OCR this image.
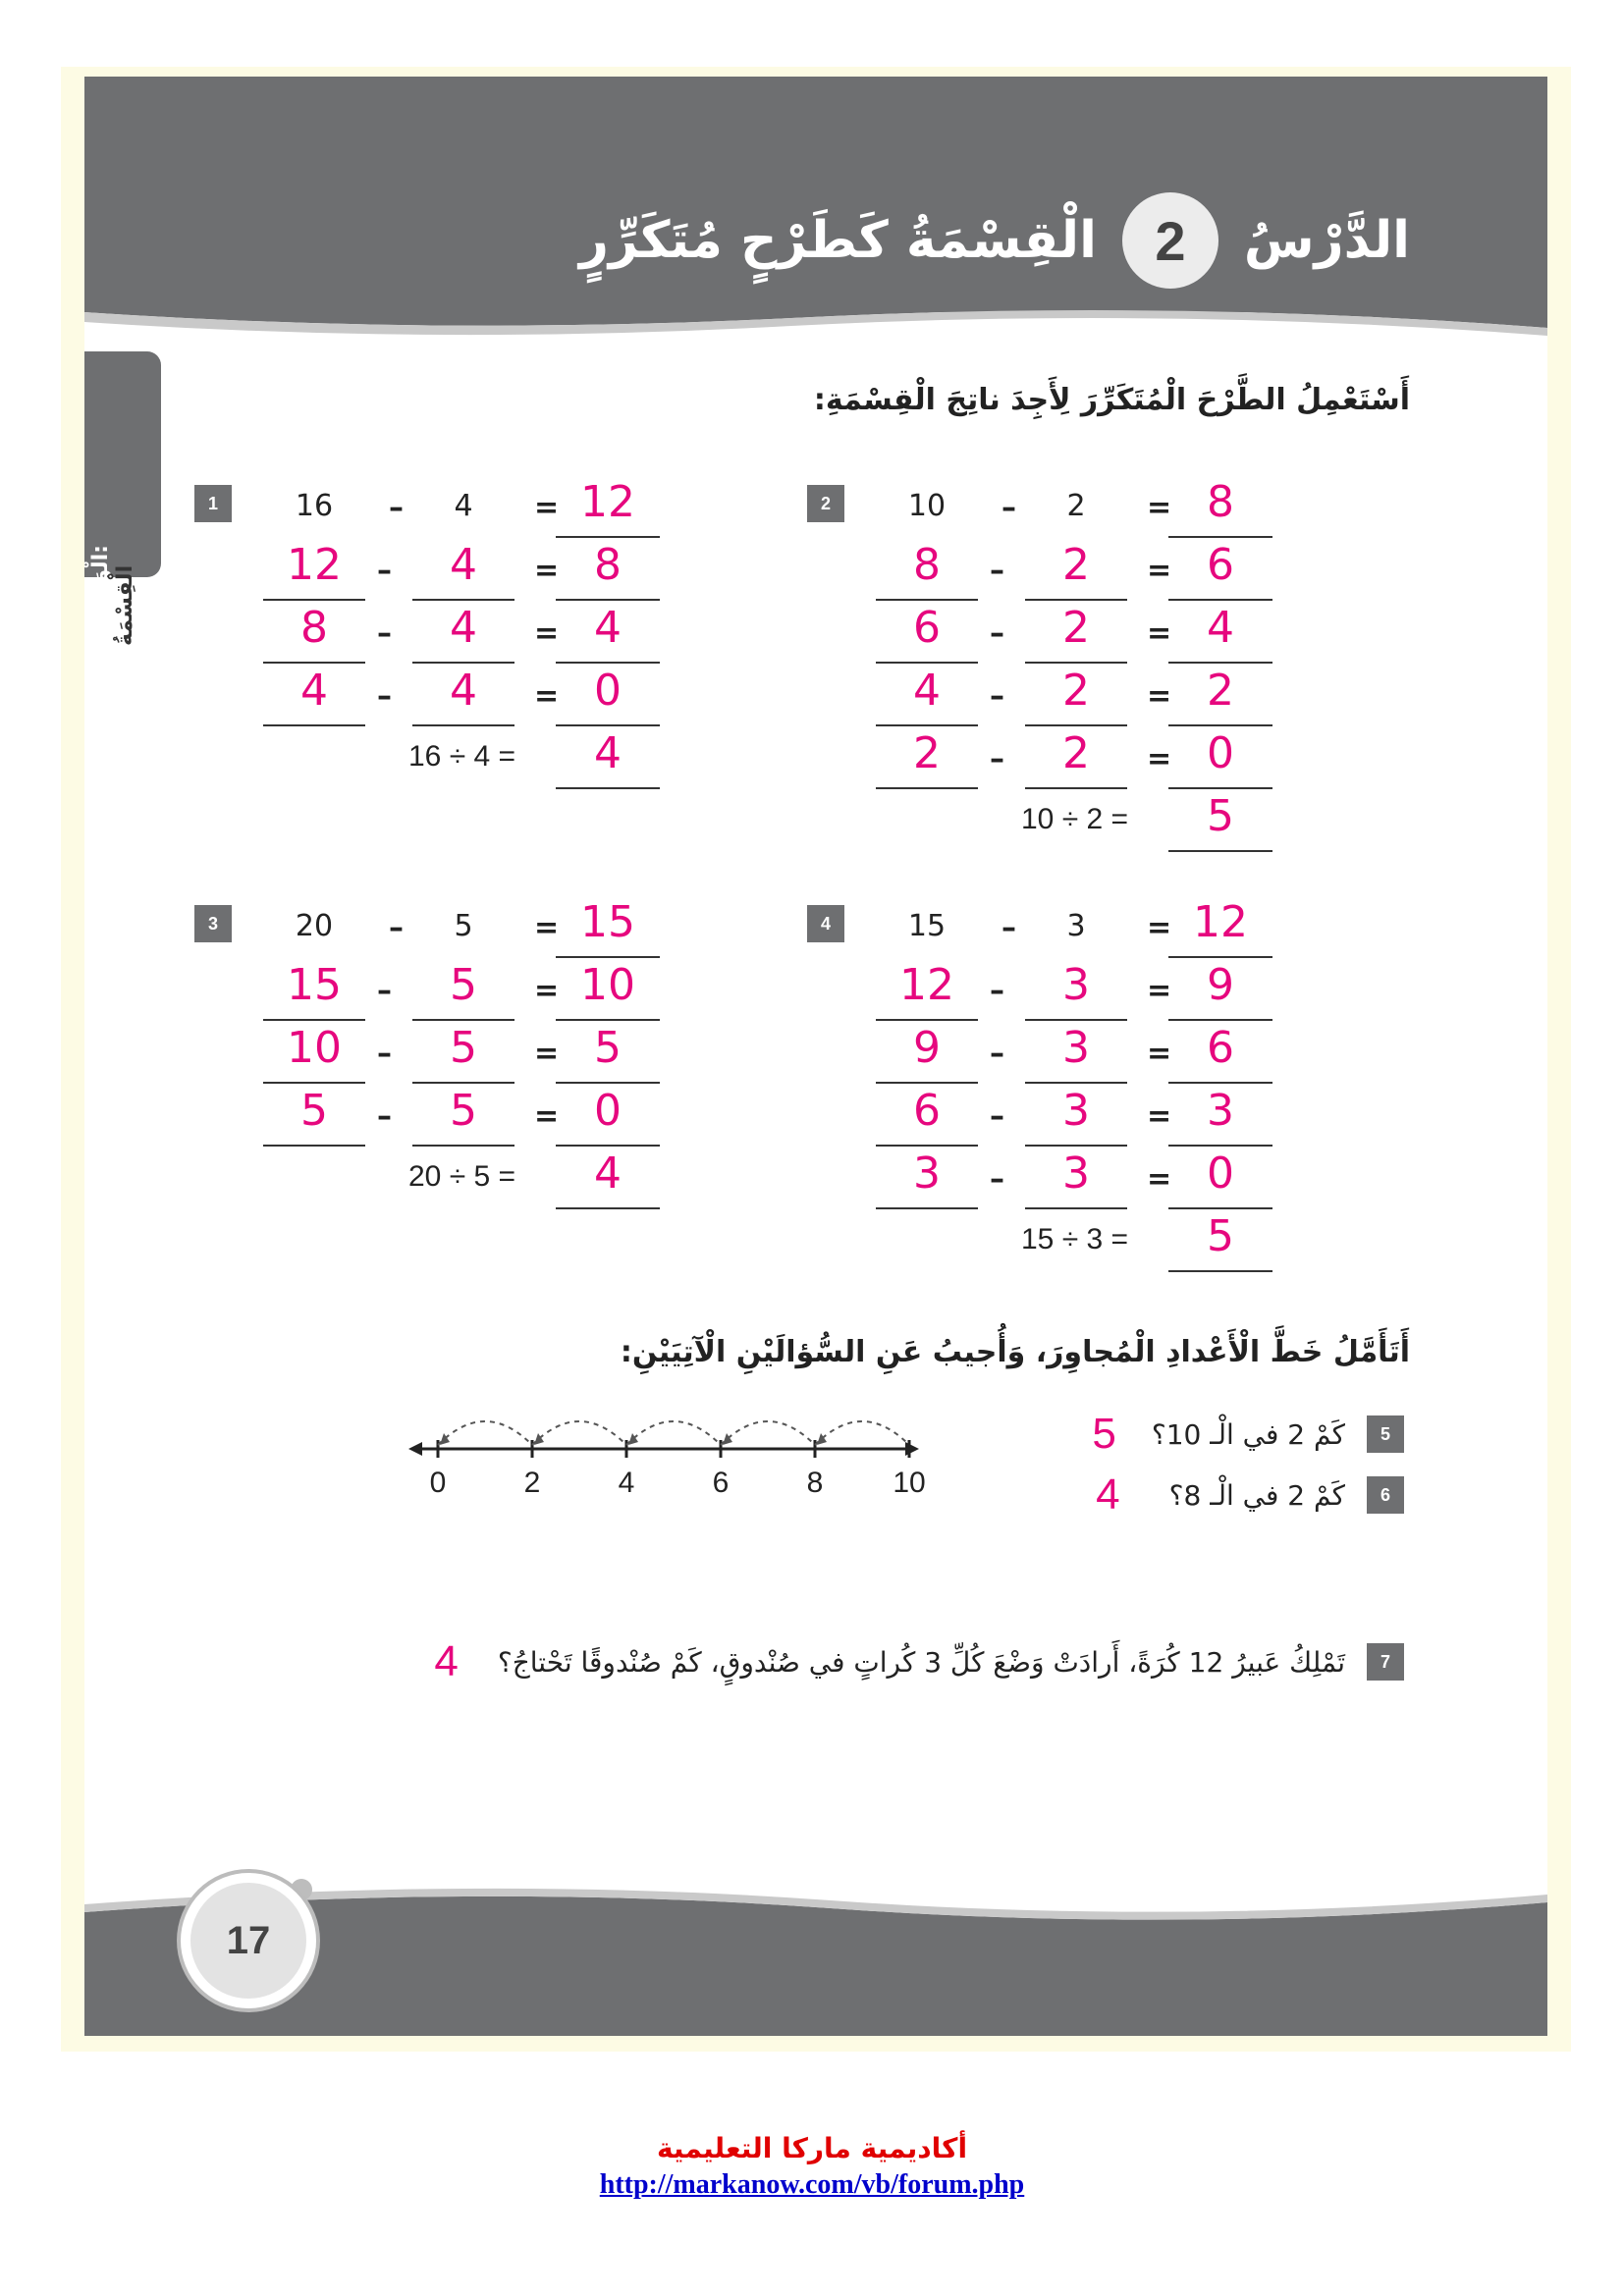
الدَّرْسُ
2
الْقِسْمَةُ كَطَرْحٍ مُتَكَرِّرٍ
الْوَحْدَةُ 7:
الْقِسْمَةُ
أَسْتَعْمِلُ الطَّرْحَ الْمُتَكَرِّرَ لِأَجِدَ ناتِجَ الْقِسْمَةِ:
1	16	–	4	= 12
12	–	4	= 8
8	–	4	= 4
4	–	4	= 0
16 ÷ 4 =	4
2	10	–	2	= 8
8	–	2	= 6
6	–	2	= 4
4	–	2	= 2
2	–	2	= 0
10 ÷ 2 =	5
3	20	–	5	= 15
15	–	5	= 10
10	–	5	= 5
5	–	5	= 0
20 ÷ 5 =	4
4	15	–	3	= 12
12	–	3	= 9
9	–	3	= 6
6	–	3	= 3
3	–	3	= 0
15 ÷ 3 =	5
أَتَأَمَّلُ خَطَّ الْأَعْدادِ الْمُجاوِرَ، وَأُجيبُ عَنِ السُّؤالَيْنِ الْآتِيَيْنِ:
0	2	4	6	8 10
5
كَمْ 2 في الْـ 10؟
5
6
كَمْ 2 في الْـ 8؟
4
7
تَمْلِكُ عَبيرُ 12 كُرَةً، أَرادَتْ وَضْعَ كُلِّ 3 كُراتٍ في صُنْدوقٍ، كَمْ صُنْدوقًا تَحْتاجُ؟
4
17
أكاديمية ماركا التعليمية
http://markanow.com/vb/forum.php
